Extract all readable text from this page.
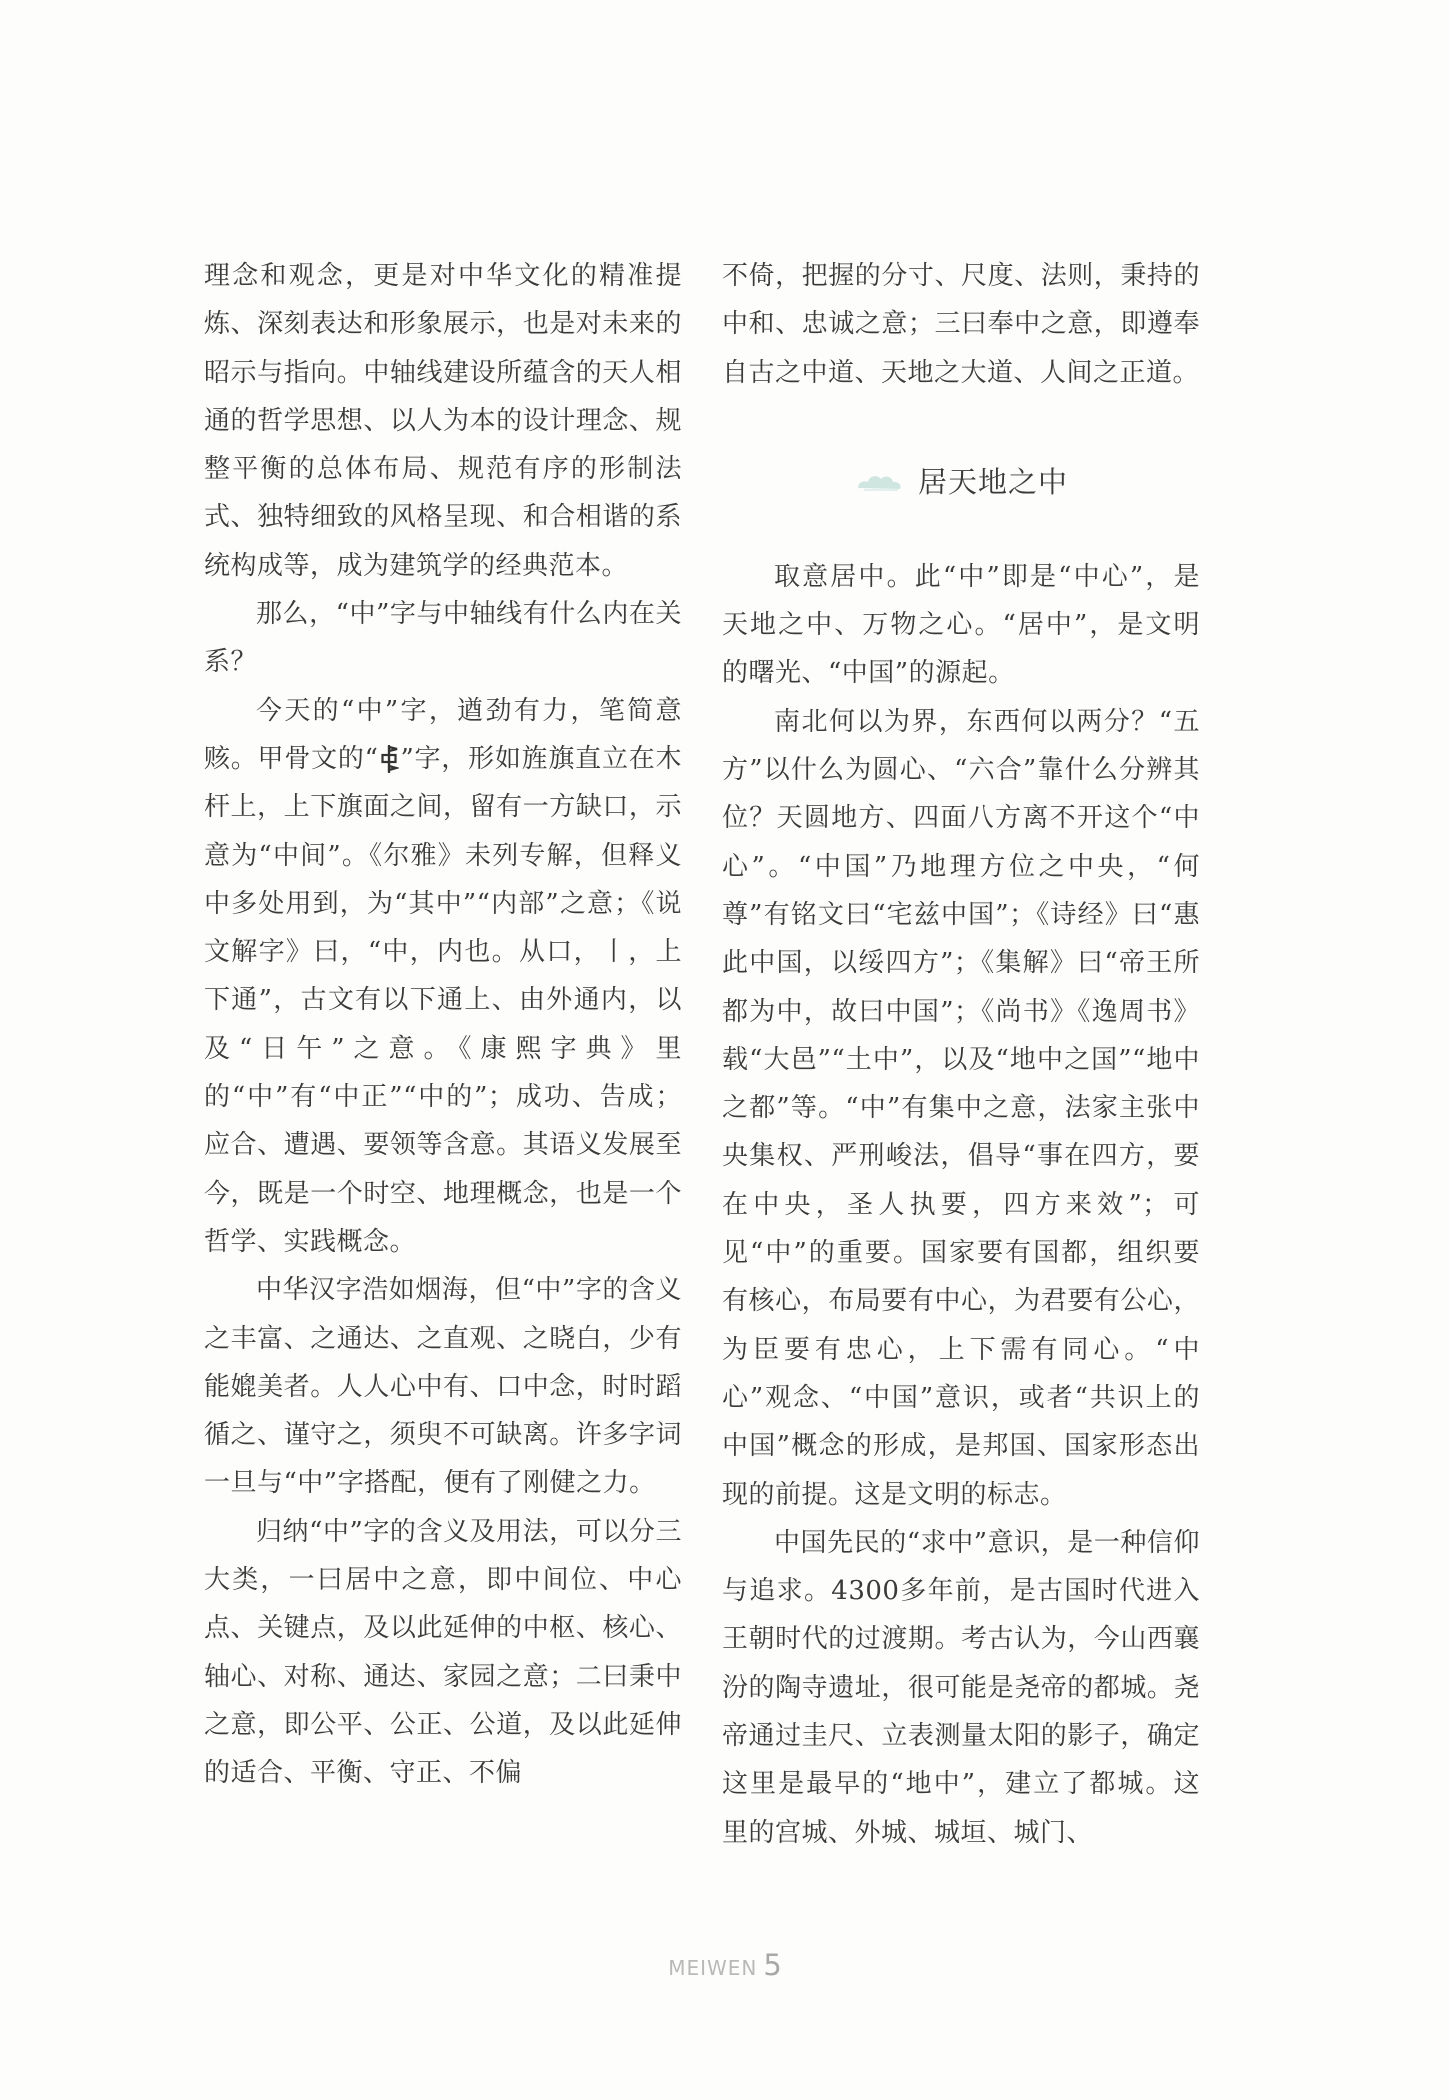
理念和观念，更是对中华文化的精准提炼、深刻表达和形象展示，也是对未来的昭示与指向。中轴线建设所蕴含的天人相通的哲学思想、以人为本的设计理念、规整平衡的总体布局、规范有序的形制法式、独特细致的风格呈现、和合相谐的系统构成等，成为建筑学的经典范本。

那么，“中”字与中轴线有什么内在关系？

今天的“中”字，遒劲有力，笔简意赅。甲骨文的“ ”字，形如旌旗直立在木杆上，上下旗面之间，留有一方缺口，示意为“中间”。《尔雅》未列专解，但释义中多处用到，为“其中”“内部”之意；《说文解字》曰，“中，内也。从口，丨，上下通”，古文有以下通上、由外通内，以及“日午”之意。《康熙字典》里的“中”有“中正”“中的”；成功、告成；应合、遭遇、要领等含意。其语义发展至今，既是一个时空、地理概念，也是一个哲学、实践概念。

中华汉字浩如烟海，但“中”字的含义之丰富、之通达、之直观、之晓白，少有能媲美者。人人心中有、口中念，时时蹈循之、谨守之，须臾不可缺离。许多字词一旦与“中”字搭配，便有了刚健之力。

归纳“中”字的含义及用法，可以分三大类，一曰居中之意，即中间位、中心点、关键点，及以此延伸的中枢、核心、轴心、对称、通达、家园之意；二曰秉中之意，即公平、公正、公道，及以此延伸的适合、平衡、守正、不偏

不倚，把握的分寸、尺度、法则，秉持的中和、忠诚之意；三曰奉中之意，即遵奉自古之中道、天地之大道、人间之正道。

居天地之中

取意居中。此“中”即是“中心”，是天地之中、万物之心。“居中”，是文明的曙光、“中国”的源起。

南北何以为界，东西何以两分？“五方”以什么为圆心、“六合”靠什么分辨其位？天圆地方、四面八方离不开这个“中心”。“中国”乃地理方位之中央，“何尊”有铭文曰“宅兹中国”；《诗经》曰“惠此中国，以绥四方”；《集解》曰“帝王所都为中，故曰中国”；《尚书》《逸周书》载“大邑”“土中”，以及“地中之国”“地中之都”等。“中”有集中之意，法家主张中央集权、严刑峻法，倡导“事在四方，要在中央，圣人执要，四方来效”；可见“中”的重要。国家要有国都，组织要有核心，布局要有中心，为君要有公心，为臣要有忠心，上下需有同心。“中心”观念、“中国”意识，或者“共识上的中国”概念的形成，是邦国、国家形态出现的前提。这是文明的标志。

中国先民的“求中”意识，是一种信仰与追求。4300多年前，是古国时代进入王朝时代的过渡期。考古认为，今山西襄汾的陶寺遗址，很可能是尧帝的都城。尧帝通过圭尺、立表测量太阳的影子，确定这里是最早的“地中”，建立了都城。这里的宫城、外城、城垣、城门、

MEIWEN 5
